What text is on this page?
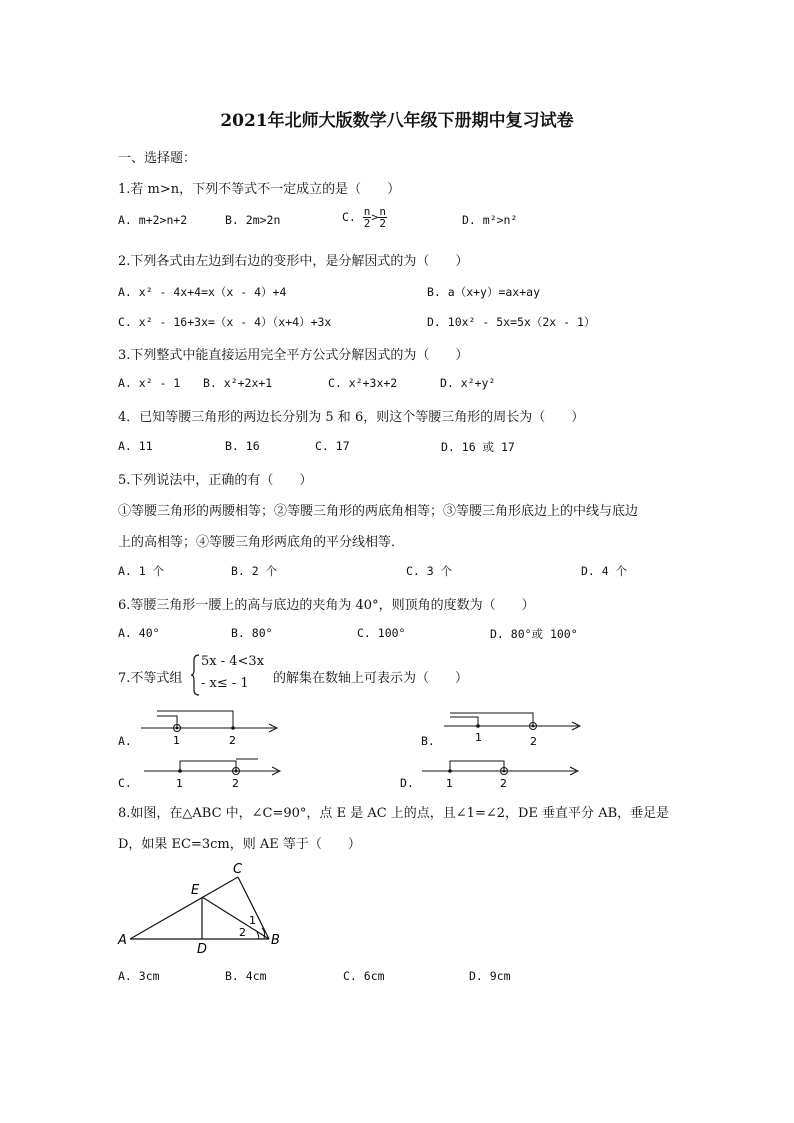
2021年北师大版数学八年级下册期中复习试卷
一、选择题：
1.若 m>n，下列不等式不一定成立的是（　　）
A. m+2>n+2	B. 2m>2n	C. $\frac{n}{2} > \frac{n}{2}$	D. m²>n²
2.下列各式由左边到右边的变形中，是分解因式的为（　　）
A. x² - 4x+4=x（x - 4）+4	B. a（x+y）=ax+ay
C. x² - 16+3x=（x - 4）（x+4）+3x	D. 10x² - 5x=5x（2x - 1）
3.下列整式中能直接运用完全平方公式分解因式的为（　　）
A. x² - 1 B. x²+2x+1	C. x²+3x+2	D. x²+y²
4．已知等腰三角形的两边长分别为 5 和 6，则这个等腰三角形的周长为（　　）
A. 11	B. 16	C. 17	D. 16 或 17
5.下列说法中，正确的有（　　）
①等腰三角形的两腰相等；②等腰三角形的两底角相等；③等腰三角形底边上的中线与底边
上的高相等；④等腰三角形两底角的平分线相等．
A. 1 个	B. 2 个	C. 3 个	D. 4 个
6.等腰三角形一腰上的高与底边的夹角为 40°，则顶角的度数为（　　）
A. 40°	B. 80°	C. 100°	D. 80°或 100°
7.不等式组
5x - 4<3x
- x≤ - 1 的解集在数轴上可表示为（　　）
A.	1	2	B.	1	2
C.	1	2	D.	1	2
8.如图，在△ABC 中，∠C=90°，点 E 是 AC 上的点，且∠1=∠2，DE 垂直平分 AB，垂足是
D，如果 EC=3cm，则 AE 等于（　　）
A	B
C
D
E
1
2
A. 3cm	B. 4cm	C. 6cm	D. 9cm
